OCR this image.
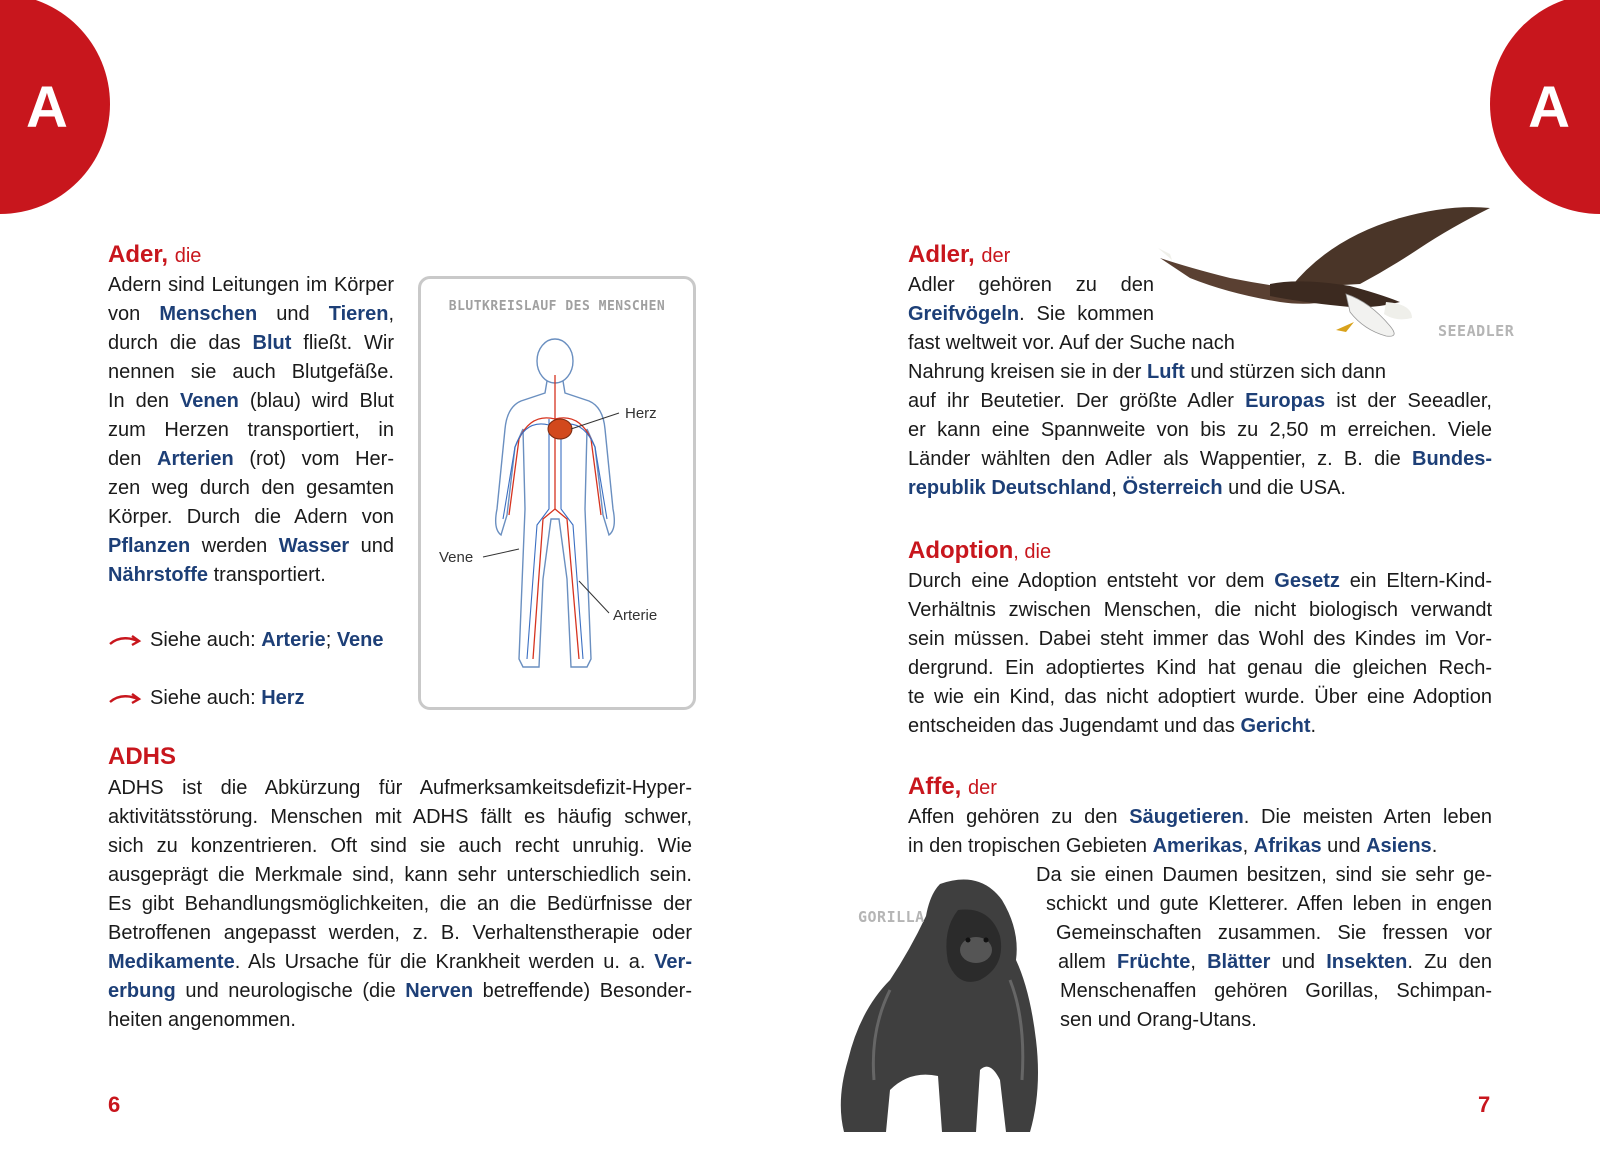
A	A
Ader, die
Adern sind Leitungen im Körper
von Menschen und Tieren,
durch die das Blut fließt. Wir
nennen sie auch Blutgefäße.
In den Venen (blau) wird Blut
zum Herzen transportiert, in
den Arterien (rot) vom Her-
zen weg durch den gesamten
Körper. Durch die Adern von
Pflanzen werden Wasser und
Nährstoffe transportiert.
Siehe auch: Arterie; Vene
Siehe auch: Herz
BLUTKREISLAUF DES MENSCHEN
Herz
Vene
Arterie
ADHS
ADHS ist die Abkürzung für Aufmerksamkeitsdefizit-Hyper-
aktivitätsstörung. Menschen mit ADHS fällt es häufig schwer,
sich zu konzentrieren. Oft sind sie auch recht unruhig. Wie
ausgeprägt die Merkmale sind, kann sehr unterschiedlich sein.
Es gibt Behandlungsmöglichkeiten, die an die Bedürfnisse der
Betroffenen angepasst werden, z. B. Verhaltenstherapie oder
Medikamente. Als Ursache für die Krankheit werden u. a. Ver-
erbung und neurologische (die Nerven betreffende) Besonder-
heiten angenommen.
6
Adler, der
SEEADLER
Adler gehören zu den
Greifvögeln. Sie kommen
fast weltweit vor. Auf der Suche nach
Nahrung kreisen sie in der Luft und stürzen sich dann
auf ihr Beutetier. Der größte Adler Europas ist der Seeadler,
er kann eine Spannweite von bis zu 2,50 m erreichen. Viele
Länder wählten den Adler als Wappentier, z. B. die Bundes-
republik Deutschland, Österreich und die USA.
Adoption, die
Durch eine Adoption entsteht vor dem Gesetz ein Eltern-Kind-
Verhältnis zwischen Menschen, die nicht biologisch verwandt
sein müssen. Dabei steht immer das Wohl des Kindes im Vor-
dergrund. Ein adoptiertes Kind hat genau die gleichen Rech-
te wie ein Kind, das nicht adoptiert wurde. Über eine Adoption
entscheiden das Jugendamt und das Gericht.
Affe, der
Affen gehören zu den Säugetieren. Die meisten Arten leben
in den tropischen Gebieten Amerikas, Afrikas und Asiens.
GORILLA
Da sie einen Daumen besitzen, sind sie sehr ge-
schickt und gute Kletterer. Affen leben in engen
Gemeinschaften zusammen. Sie fressen vor
allem Früchte, Blätter und Insekten. Zu den
Menschenaffen gehören Gorillas, Schimpan-
sen und Orang-Utans.
7
